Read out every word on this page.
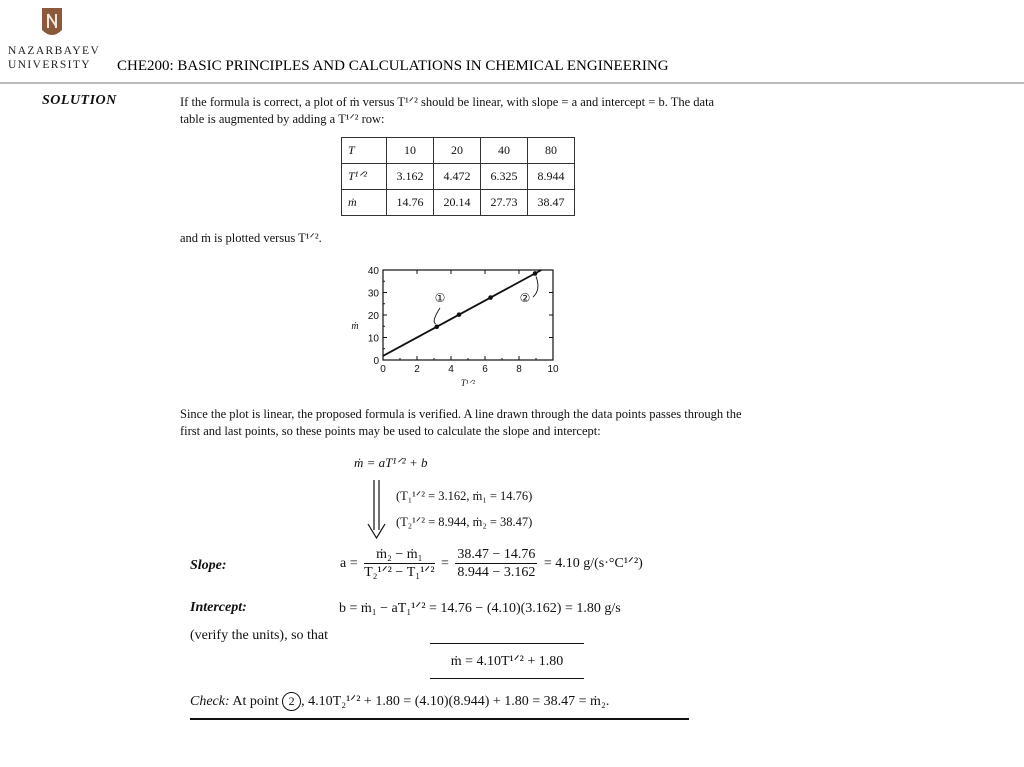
NAZARBAYEV
UNIVERSITY	CHE200: BASIC PRINCIPLES AND CALCULATIONS IN CHEMICAL ENGINEERING
SOLUTION	If the formula is correct, a plot of ṁ versus T¹ᐟ² should be linear, with slope = a and intercept = b. The data table is augmented by adding a T¹ᐟ² row:
T	10	20	40	80
T¹ᐟ²	3.162	4.472	6.325	8.944
ṁ	14.76	20.14	27.73	38.47
and ṁ is plotted versus T¹ᐟ².
0	2	4	6	8	10
0
10
20
30
40
①	②
ṁ
T¹ᐟ²
Since the plot is linear, the proposed formula is verified. A line drawn through the data points passes through the first and last points, so these points may be used to calculate the slope and intercept:
ṁ = aT¹ᐟ² + b
(T₁¹ᐟ² = 3.162, ṁ₁ = 14.76)
(T₂¹ᐟ² = 8.944, ṁ₂ = 38.47)
Slope:	$a = \frac{\text{ṁ₂ − ṁ₁}}{\text{T₂¹ᐟ² − T₁¹ᐟ²}} = \frac{38.47 - 14.76}{8.944 - 3.162} = 4.10$ g/(s·°C¹ᐟ²)
Intercept:	b = ṁ₁ − aT₁¹ᐟ² = 14.76 − (4.10)(3.162) = 1.80 g/s
(verify the units), so that
ṁ = 4.10T¹ᐟ² + 1.80
Check: At point 2 , 4.10T₂¹ᐟ² + 1.80 = (4.10)(8.944) + 1.80 = 38.47 = ṁ₂.
